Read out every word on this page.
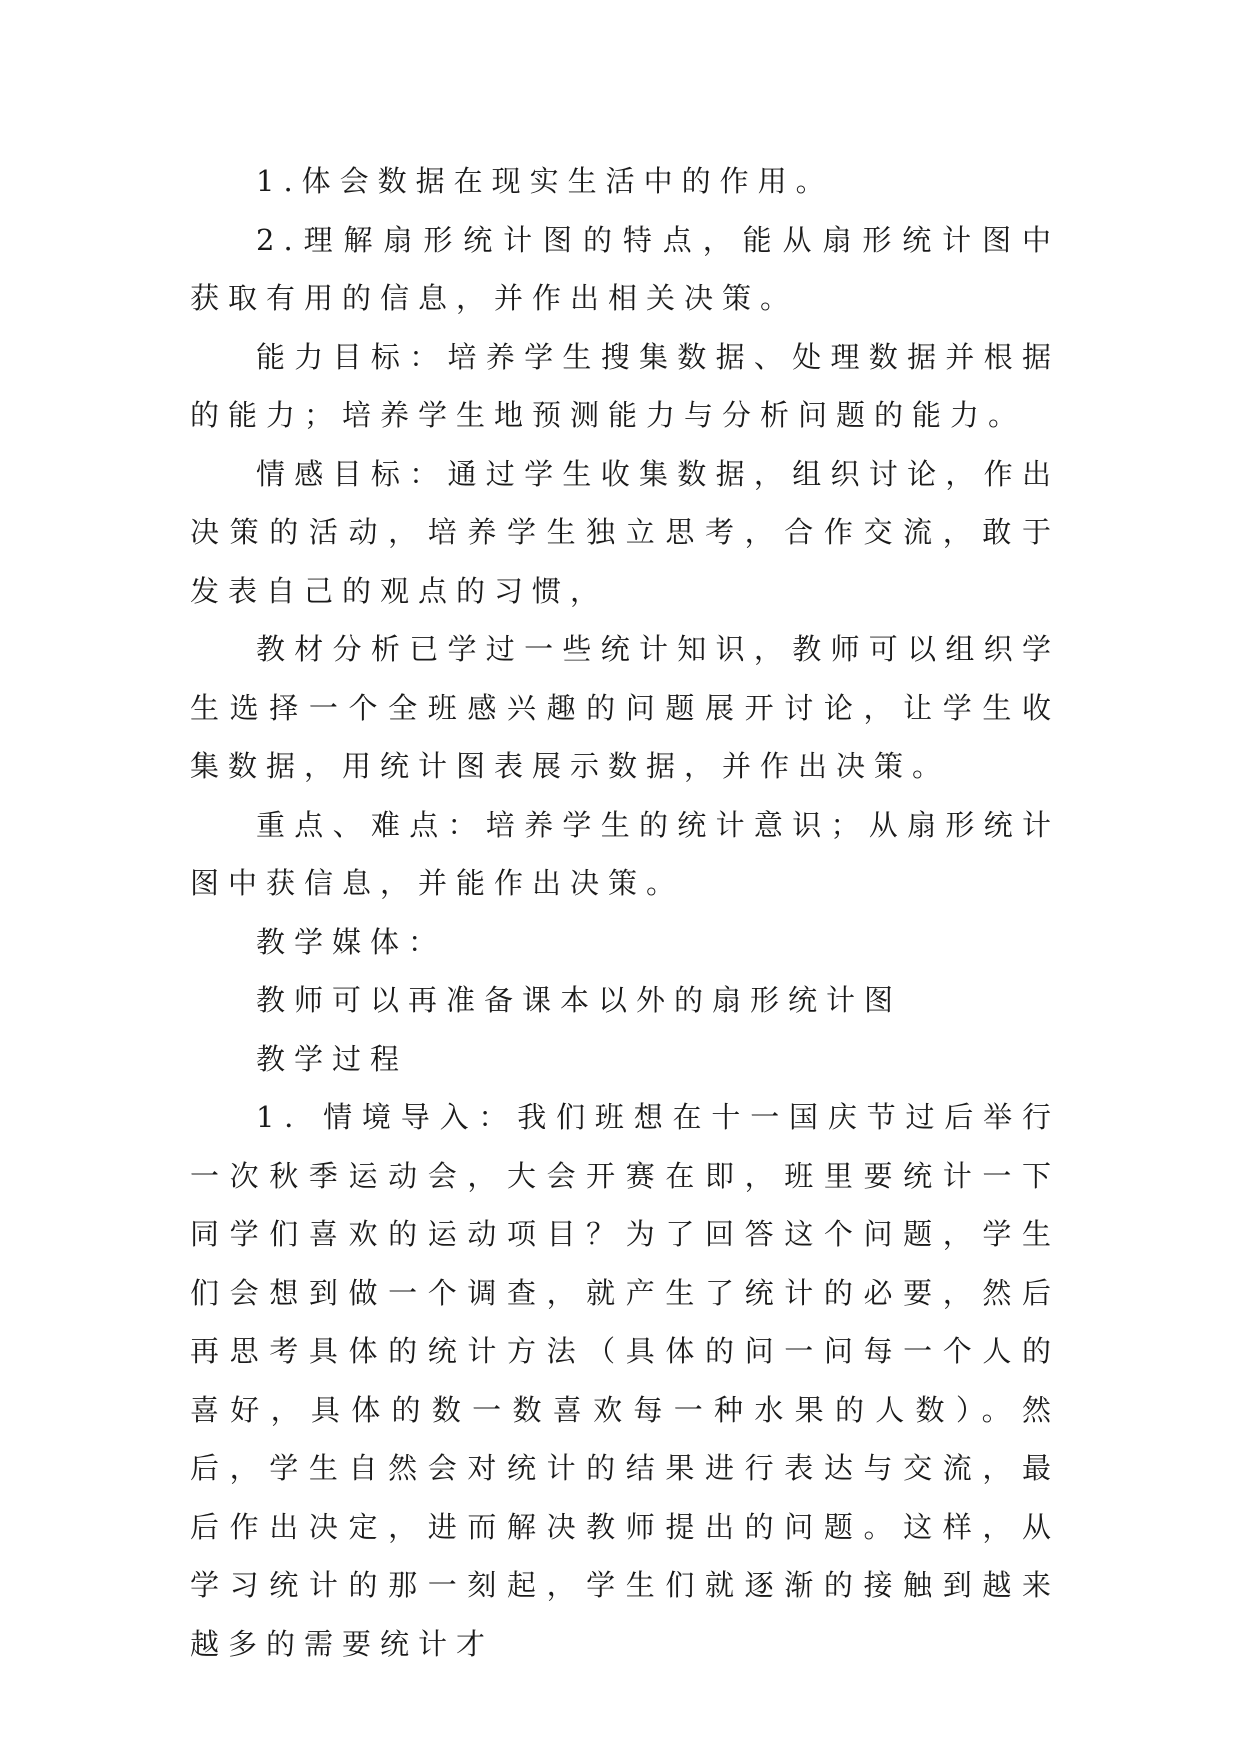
1.体会数据在现实生活中的作用。

2.理解扇形统计图的特点，能从扇形统计图中获取有用的信息，并作出相关决策。

能力目标：培养学生搜集数据、处理数据并根据的能力；培养学生地预测能力与分析问题的能力。

情感目标：通过学生收集数据，组织讨论，作出决策的活动，培养学生独立思考，合作交流，敢于发表自己的观点的习惯，

教材分析已学过一些统计知识，教师可以组织学生选择一个全班感兴趣的问题展开讨论，让学生收集数据，用统计图表展示数据，并作出决策。

重点、难点：培养学生的统计意识；从扇形统计图中获信息，并能作出决策。

教学媒体：

教师可以再准备课本以外的扇形统计图

教学过程

1．情境导入：我们班想在十一国庆节过后举行一次秋季运动会，大会开赛在即，班里要统计一下同学们喜欢的运动项目？为了回答这个问题，学生们会想到做一个调查，就产生了统计的必要，然后再思考具体的统计方法（具体的问一问每一个人的喜好，具体的数一数喜欢每一种水果的人数）。然后，学生自然会对统计的结果进行表达与交流，最后作出决定，进而解决教师提出的问题。这样，从学习统计的那一刻起，学生们就逐渐的接触到越来越多的需要统计才
